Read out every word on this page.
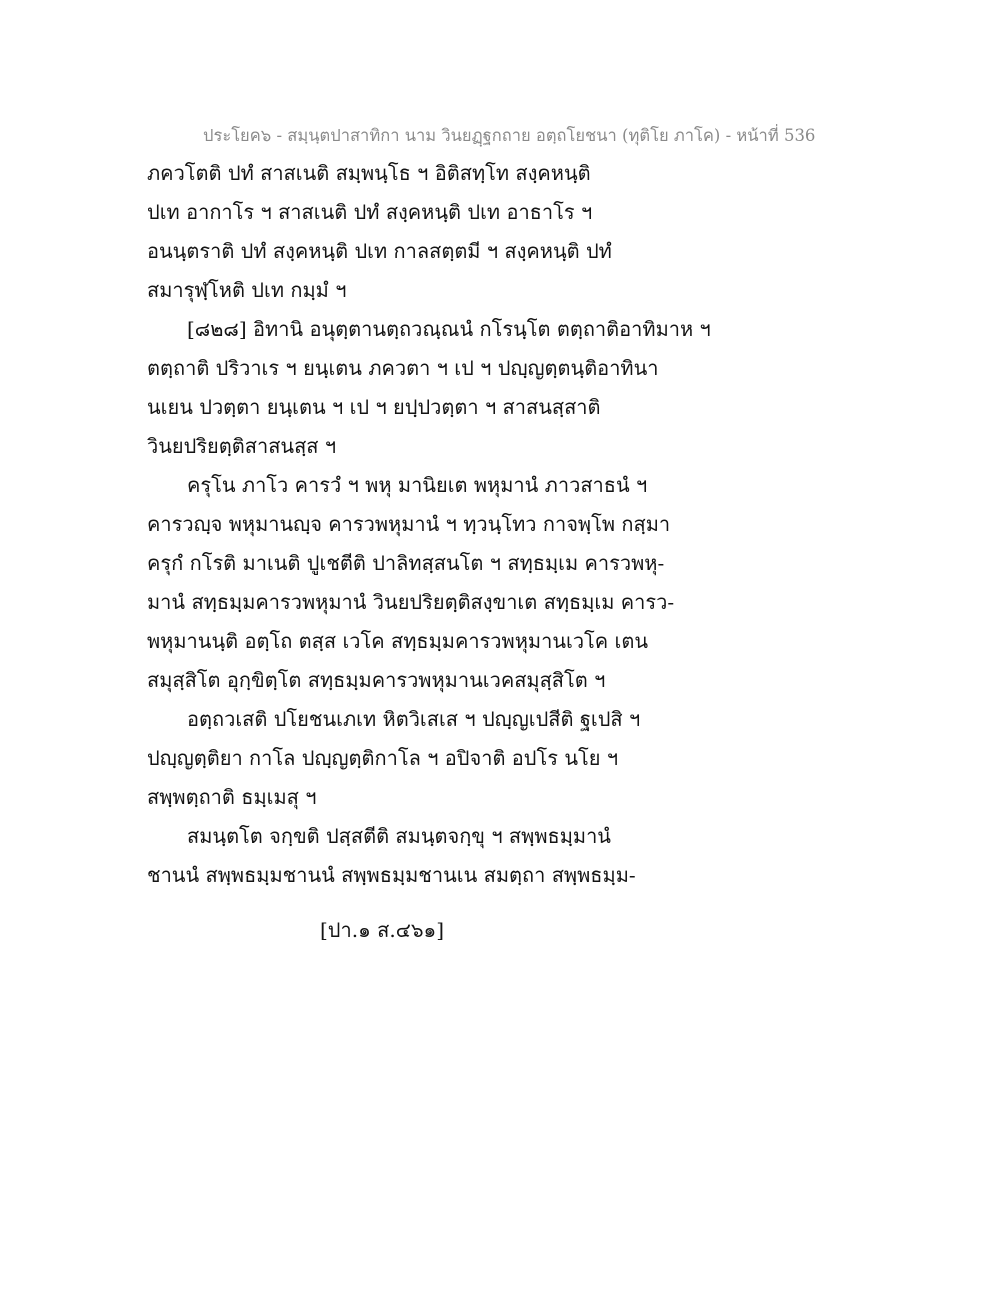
ประโยค๖ - สมฺนฺตปาสาทิกา นาม วินยฏฺฐกถาย อตฺถโยชนา (ทุติโย ภาโค) - หน้าที่ 536
ภควโตติ ปทํ สาสเนติ สมฺพนฺโธ ฯ อิติสทฺโท สงฺคหนฺติ
ปเท อากาโร ฯ สาสเนติ ปทํ สงฺคหนฺติ ปเท อาธาโร ฯ
อนนฺตราติ ปทํ สงฺคหนฺติ ปเท กาลสตฺตมี ฯ สงฺคหนฺติ ปทํ
สมารุฬฺโหติ ปเท กมฺมํ ฯ
[๘๒๘] อิทานิ อนุตฺตานตฺถวณฺณนํ กโรนฺโต ตตฺถาติอาทิมาห ฯ
ตตฺถาติ ปริวาเร ฯ ยนฺเตน ภควตา ฯ เป ฯ ปญฺญตฺตนฺติอาทินา
นเยน ปวตฺตา ยนฺเตน ฯ เป ฯ ยปฺปวตฺตา ฯ สาสนสฺสาติ
วินยปริยตฺติสาสนสฺส ฯ
ครุโน ภาโว คารวํ ฯ พหุ มานิยเต พหุมานํ ภาวสาธนํ ฯ
คารวญฺจ พหุมานญฺจ คารวพหุมานํ ฯ ทฺวนฺโทว กาจพฺโพ กสฺมา
ครุกํ กโรติ มาเนติ ปูเชตีติ ปาลิทสฺสนโต ฯ สทฺธมฺเม คารวพหุ-
มานํ สทฺธมฺมคารวพหุมานํ วินยปริยตฺติสงฺขาเต สทฺธมฺเม คารว-
พหุมานนฺติ อตฺโถ ตสฺส เวโค สทฺธมฺมคารวพหุมานเวโค เตน
สมุสฺสิโต อุกฺขิตฺโต สทฺธมฺมคารวพหุมานเวคสมุสฺสิโต ฯ
อตฺถวเสติ ปโยชนเภเท หิตวิเสเส ฯ ปญฺญเปสีติ ฐเปสิ ฯ
ปญฺญตฺติยา กาโล ปญฺญตฺติกาโล ฯ อปิจาติ อปโร นโย ฯ
สพฺพตฺถาติ ธมฺเมสุ ฯ
สมนฺตโต จกฺขติ ปสฺสตีติ สมนฺตจกฺขุ ฯ สพฺพธมฺมานํ
ชานนํ สพฺพธมฺมชานนํ สพฺพธมฺมชานเน สมตฺถา สพฺพธมฺม-
[ปา.๑ ส.๔๖๑]
